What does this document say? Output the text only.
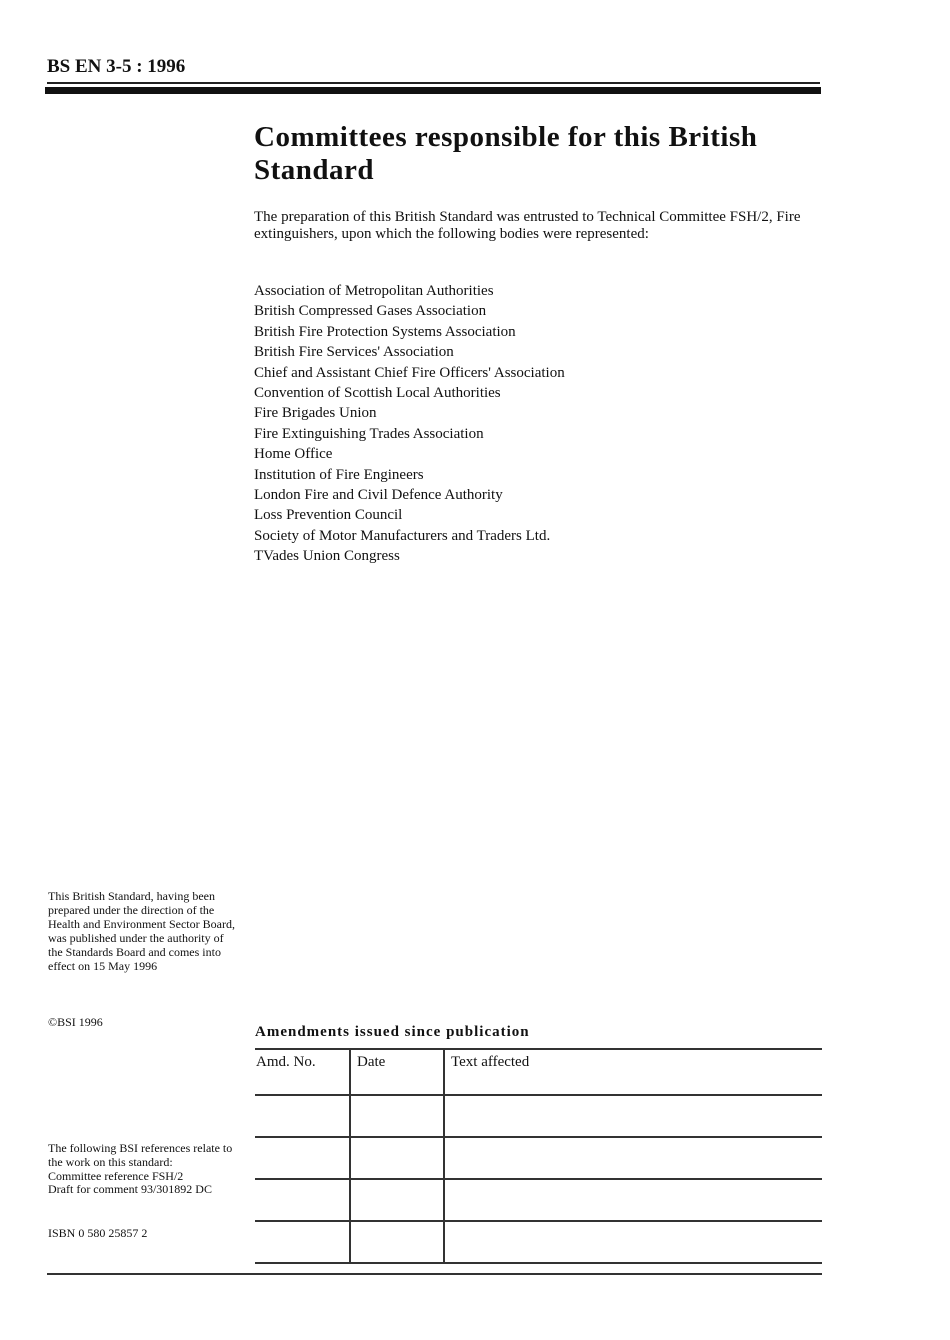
BS EN 3-5 : 1996
Committees responsible for this British Standard

The preparation of this British Standard was entrusted to Technical Committee FSH/2, Fire extinguishers, upon which the following bodies were represented:

Association of Metropolitan Authorities
British Compressed Gases Association
British Fire Protection Systems Association
British Fire Services' Association
Chief and Assistant Chief Fire Officers' Association
Convention of Scottish Local Authorities
Fire Brigades Union
Fire Extinguishing Trades Association
Home Office
Institution of Fire Engineers
London Fire and Civil Defence Authority
Loss Prevention Council
Society of Motor Manufacturers and Traders Ltd.
TVades Union Congress

This British Standard, having been prepared under the direction of the Health and Environment Sector Board, was published under the authority of the Standards Board and comes into effect on 15 May 1996

©BSI 1996

The following BSI references relate to the work on this standard:
Committee reference FSH/2
Draft for comment 93/301892 DC

ISBN 0 580 25857 2

Amendments issued since publication
Amd. No.	Date	Text affected
